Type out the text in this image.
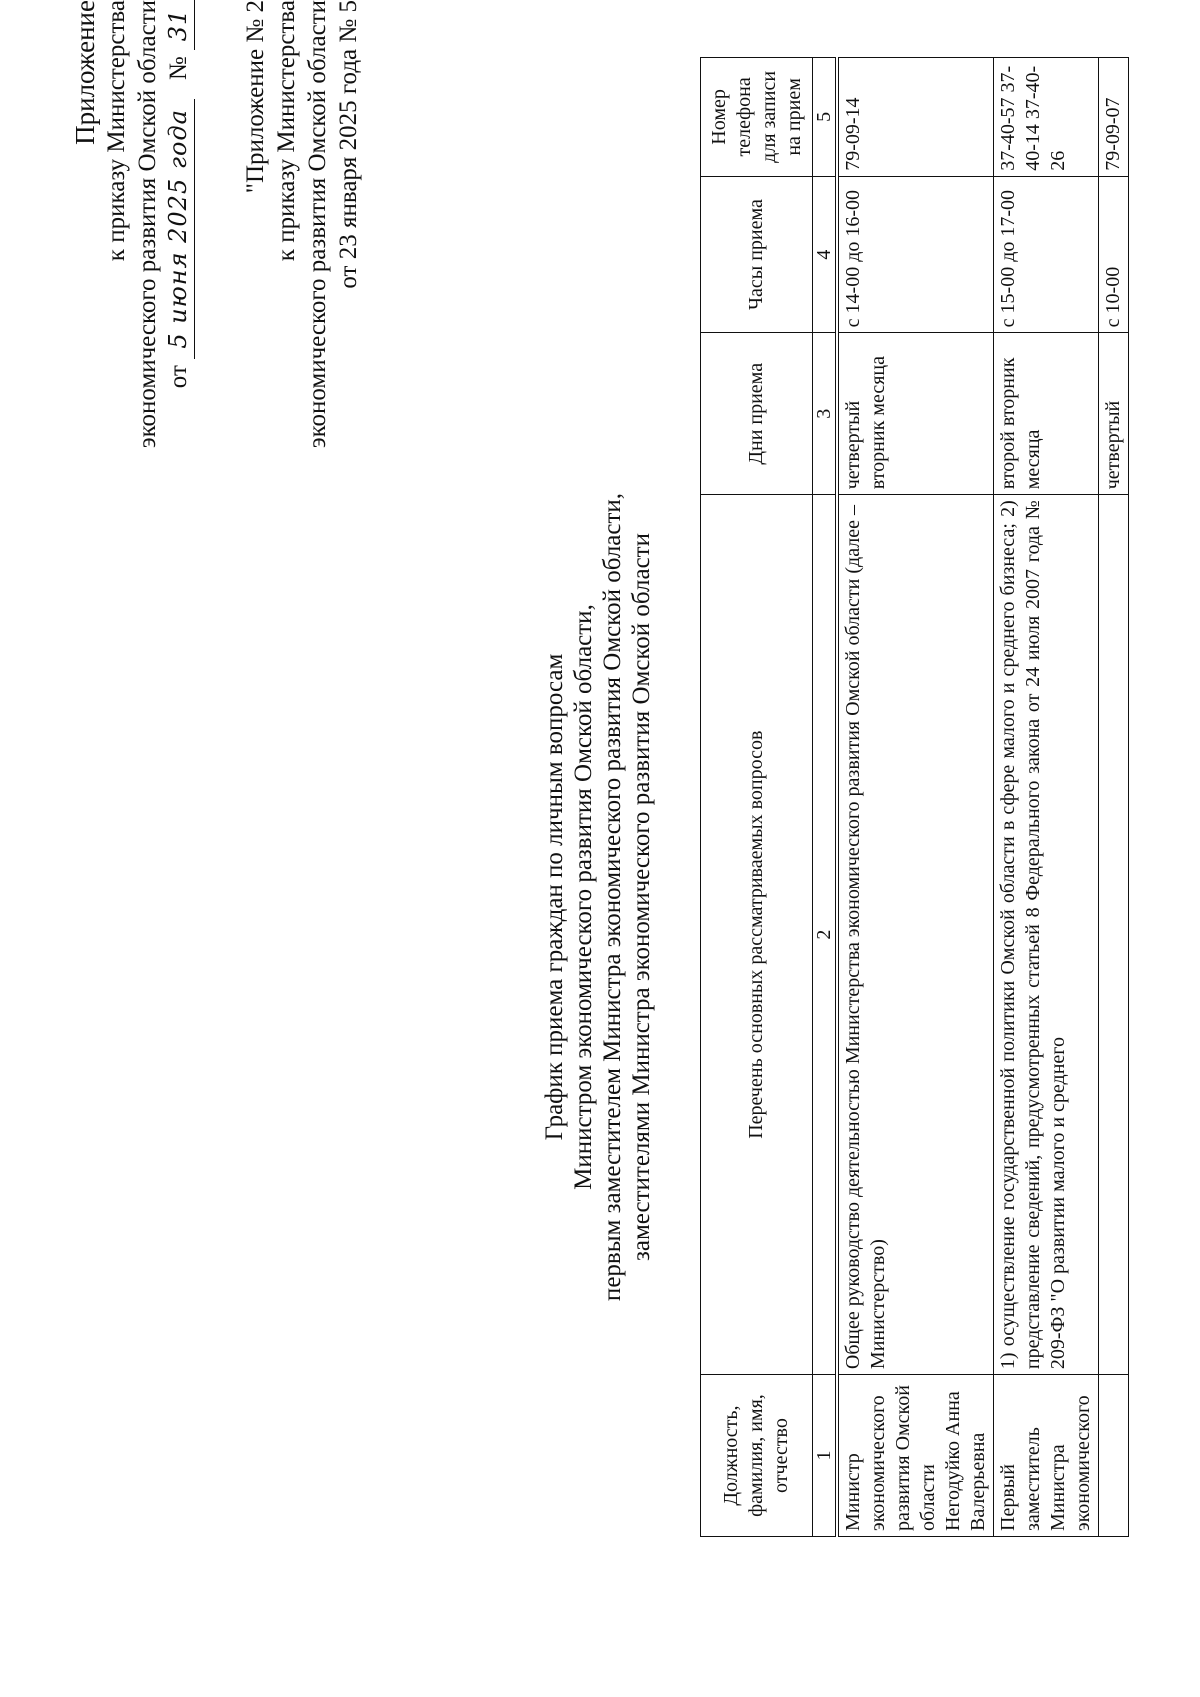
Приложение к приказу Министерства экономического развития Омской области от 5 июня 2025 года   № 31 "Приложение № 2 к приказу Министерства экономического развития Омской области от 23 января 2025 года № 5
График приема граждан по личным вопросам Министром экономического развития Омской области, первым заместителем Министра экономического развития Омской области, заместителями Министра экономического развития Омской области
Должность, фамилия, имя, отчество	Перечень основных рассматриваемых вопросов	Дни приема	Часы приема	Номер телефона для записи на прием
1	2	3	4	5
Министр экономического развития Омской области Негодуйко Анна Валерьевна	Общее руководство деятельностью Министерства экономического развития Омской области (далее – Министерство)	четвертый вторник месяца	с 14-00 до 16-00	79-09-14
Первый заместитель Министра экономического	1) осуществление государственной политики Омской области в сфере малого и среднего бизнеса; 2) представление сведений, предусмотренных статьей 8 Федерального закона от 24 июля 2007 года № 209-ФЗ "О развитии малого и среднего	второй вторник месяца	с 15-00 до 17-00	37-40-57 37-40-14 37-40-26
		четвертый	с 10-00	79-09-07
